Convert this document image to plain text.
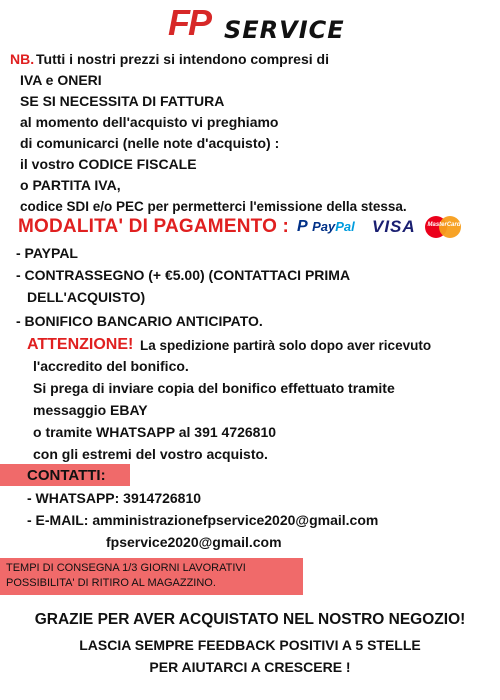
FP SERVICE
NB. Tutti i nostri prezzi si intendono compresi di
IVA e ONERI
SE SI NECESSITA DI FATTURA
al momento dell'acquisto vi preghiamo
di comunicarci (nelle note d'acquisto) :
il vostro CODICE FISCALE
o PARTITA IVA,
codice SDI e/o PEC per permetterci l'emissione della stessa.
MODALITA' DI PAGAMENTO : P PayPal VISA	MasterCard
- PAYPAL
- CONTRASSEGNO (+ €5.00) (CONTATTACI PRIMA
DELL'ACQUISTO)
- BONIFICO BANCARIO ANTICIPATO.
ATTENZIONE! La spedizione partirà solo dopo aver ricevuto
l'accredito del bonifico.
Si prega di inviare copia del bonifico effettuato tramite
messaggio EBAY
o tramite WHATSAPP al 391 4726810
con gli estremi del vostro acquisto.
CONTATTI:
- WHATSAPP: 3914726810
- E-MAIL: amministrazionefpservice2020@gmail.com
fpservice2020@gmail.com
TEMPI DI CONSEGNA 1/3 GIORNI LAVORATIVI
POSSIBILITA' DI RITIRO AL MAGAZZINO.
GRAZIE PER AVER ACQUISTATO NEL NOSTRO NEGOZIO!
LASCIA SEMPRE FEEDBACK POSITIVI A 5 STELLE
PER AIUTARCI A CRESCERE !
